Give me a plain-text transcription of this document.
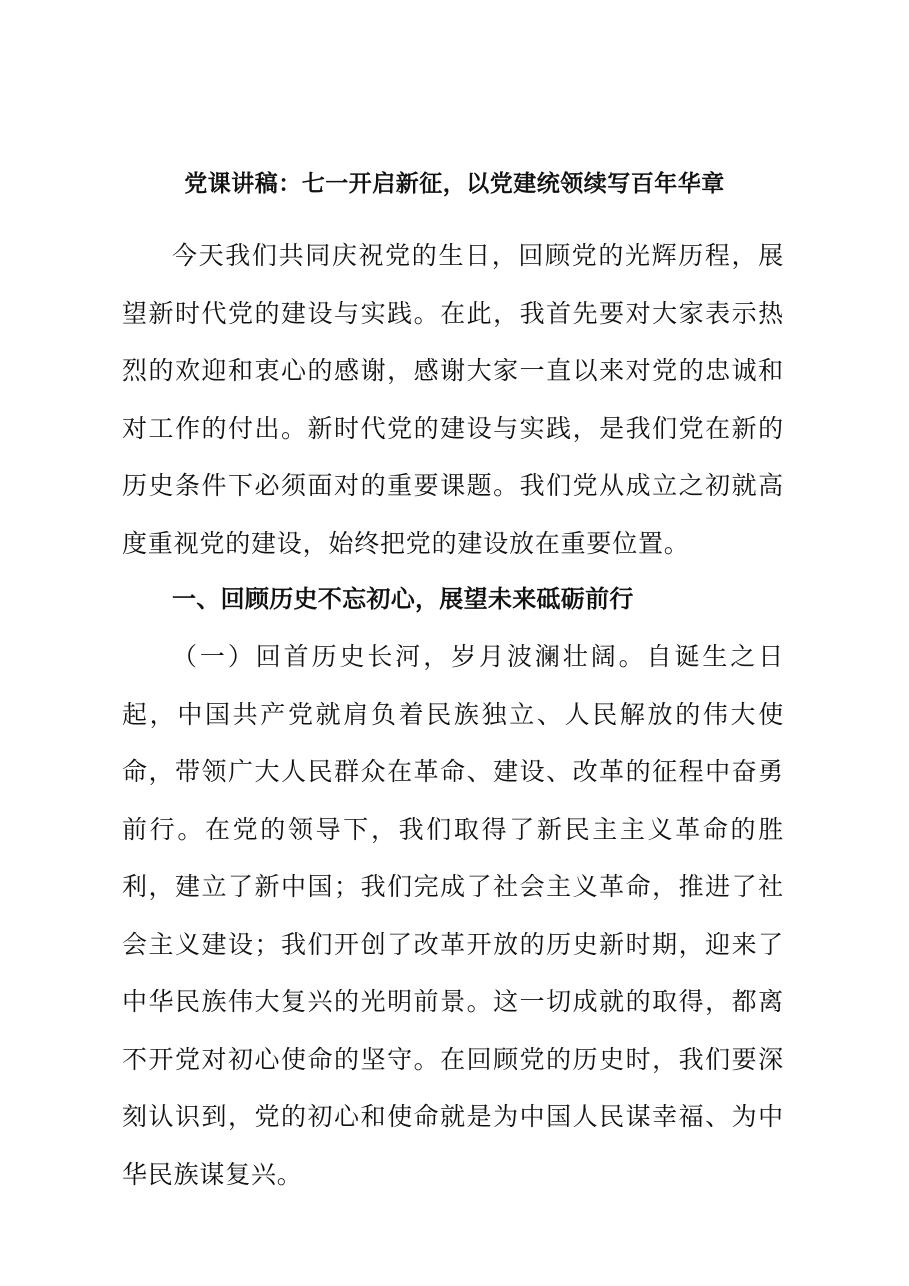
党课讲稿：七一开启新征，以党建统领续写百年华章

今天我们共同庆祝党的生日，回顾党的光辉历程，展望新时代党的建设与实践。在此，我首先要对大家表示热烈的欢迎和衷心的感谢，感谢大家一直以来对党的忠诚和对工作的付出。新时代党的建设与实践，是我们党在新的历史条件下必须面对的重要课题。我们党从成立之初就高度重视党的建设，始终把党的建设放在重要位置。

一、回顾历史不忘初心，展望未来砥砺前行

（一）回首历史长河，岁月波澜壮阔。自诞生之日起，中国共产党就肩负着民族独立、人民解放的伟大使命，带领广大人民群众在革命、建设、改革的征程中奋勇前行。在党的领导下，我们取得了新民主主义革命的胜利，建立了新中国；我们完成了社会主义革命，推进了社会主义建设；我们开创了改革开放的历史新时期，迎来了中华民族伟大复兴的光明前景。这一切成就的取得，都离不开党对初心使命的坚守。在回顾党的历史时，我们要深刻认识到，党的初心和使命就是为中国人民谋幸福、为中华民族谋复兴。
